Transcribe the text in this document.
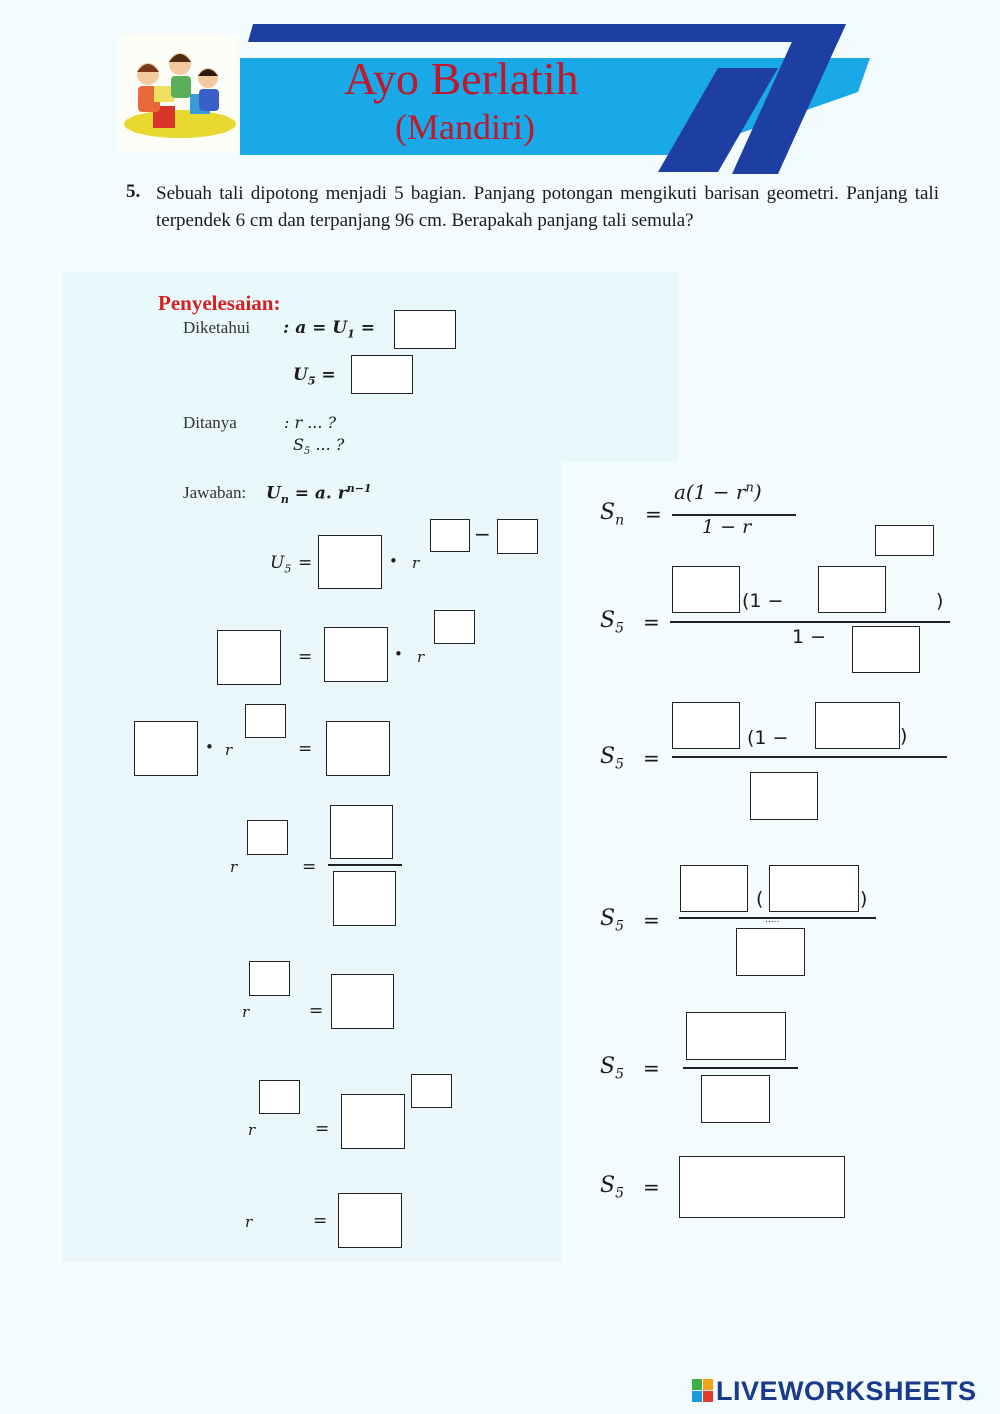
Ayo Berlatih
(Mandiri)
5. Sebuah tali dipotong menjadi 5 bagian. Panjang potongan mengikuti barisan geometri. Panjang tali terpendek 6 cm dan terpanjang 96 cm. Berapakah panjang tali semula?
Penyelesaian:
Diketahui : $a = U_1$ =
$U_5$ =
Ditanya	: r ... ?
$S_5$ ... ?
Jawaban: $U_n = a$. $r^{n-1}$
$U_5$ =	• r
−
=	• r
• r	=
r	=
r	=
r	=
r	=
$S_n$ =
$a(1 - r^n)$
1 − r
$S_5$ =
(1 −	)
1 −
$S_5$ =
(1 −	)
$S_5$ =
(	)
.....
$S_5$ =
$S_5$ =
LIVEWORKSHEETS
